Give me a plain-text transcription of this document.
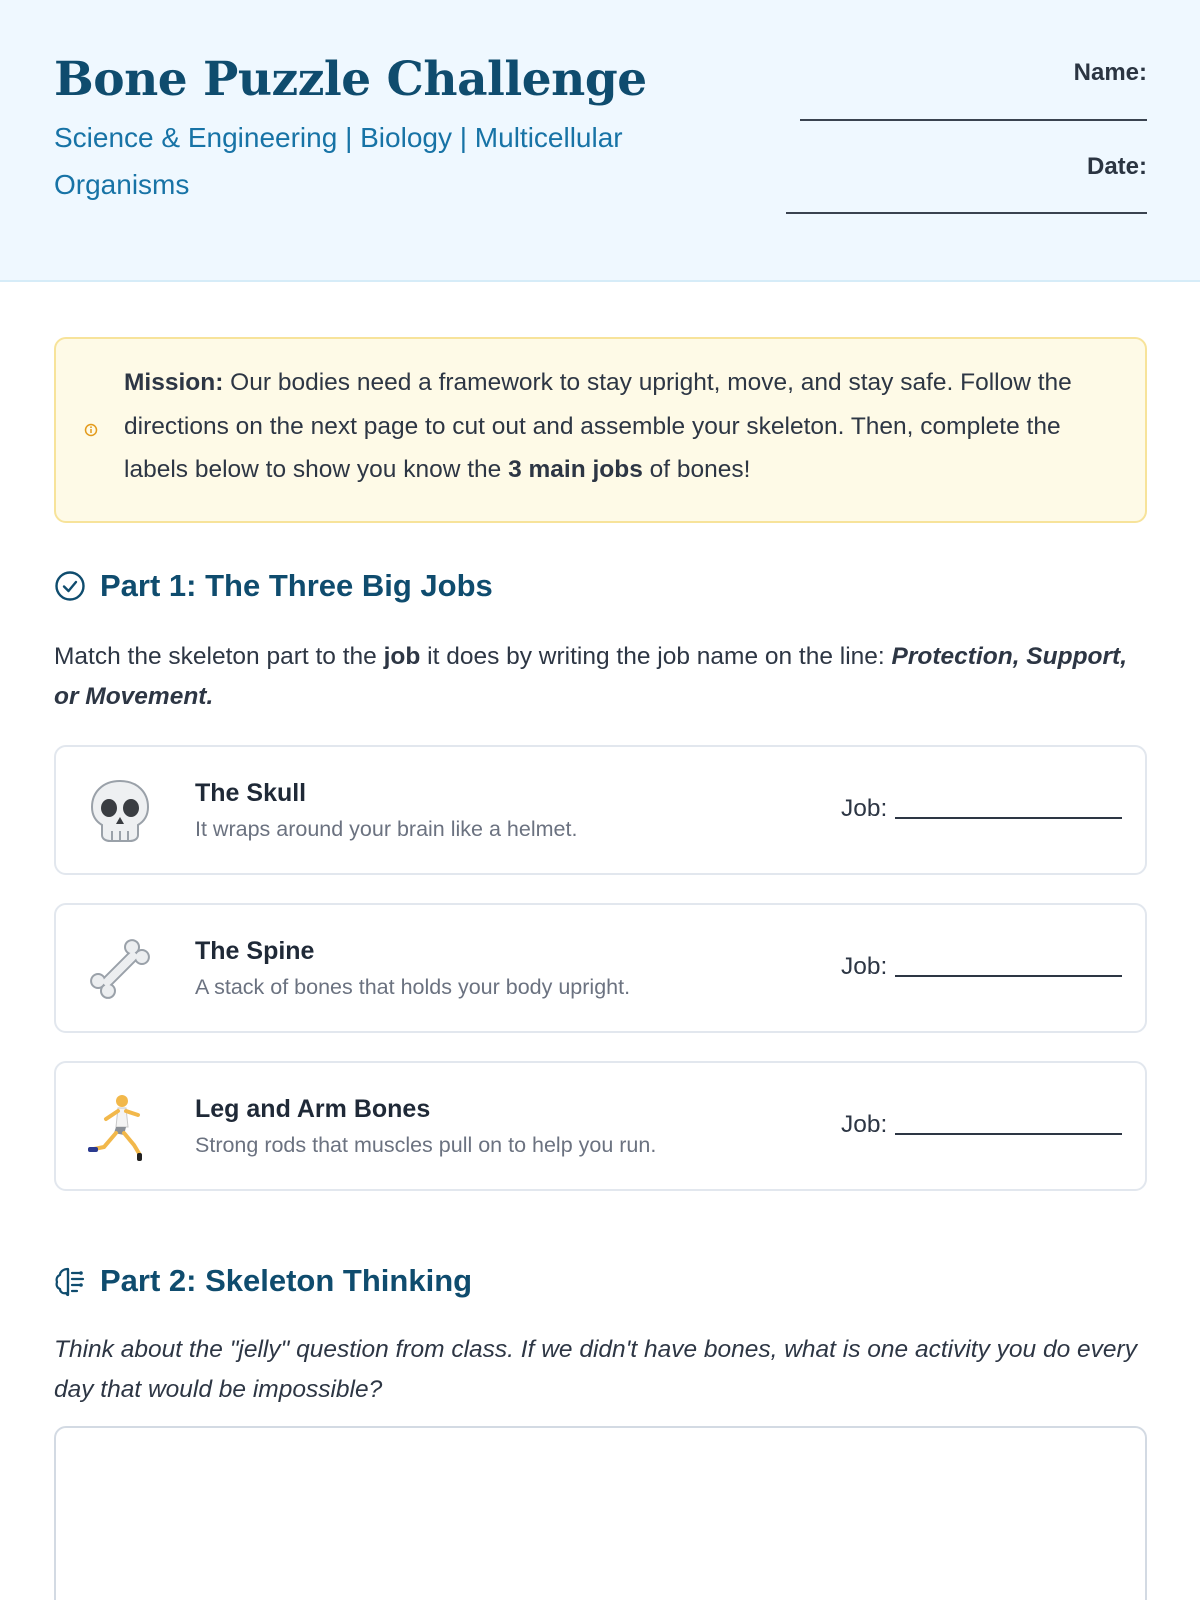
Bone Puzzle Challenge
Science & Engineering | Biology | Multicellular Organisms
Name:
Date:
Mission: Our bodies need a framework to stay upright, move, and stay safe. Follow the directions on the next page to cut out and assemble your skeleton. Then, complete the labels below to show you know the 3 main jobs of bones!
Part 1: The Three Big Jobs
Match the skeleton part to the job it does by writing the job name on the line: Protection, Support, or Movement.
The Skull
It wraps around your brain like a helmet.
Job:
The Spine
A stack of bones that holds your body upright.
Job:
Leg and Arm Bones
Strong rods that muscles pull on to help you run.
Job:
Part 2: Skeleton Thinking
Think about the "jelly" question from class. If we didn't have bones, what is one activity you do every day that would be impossible?
